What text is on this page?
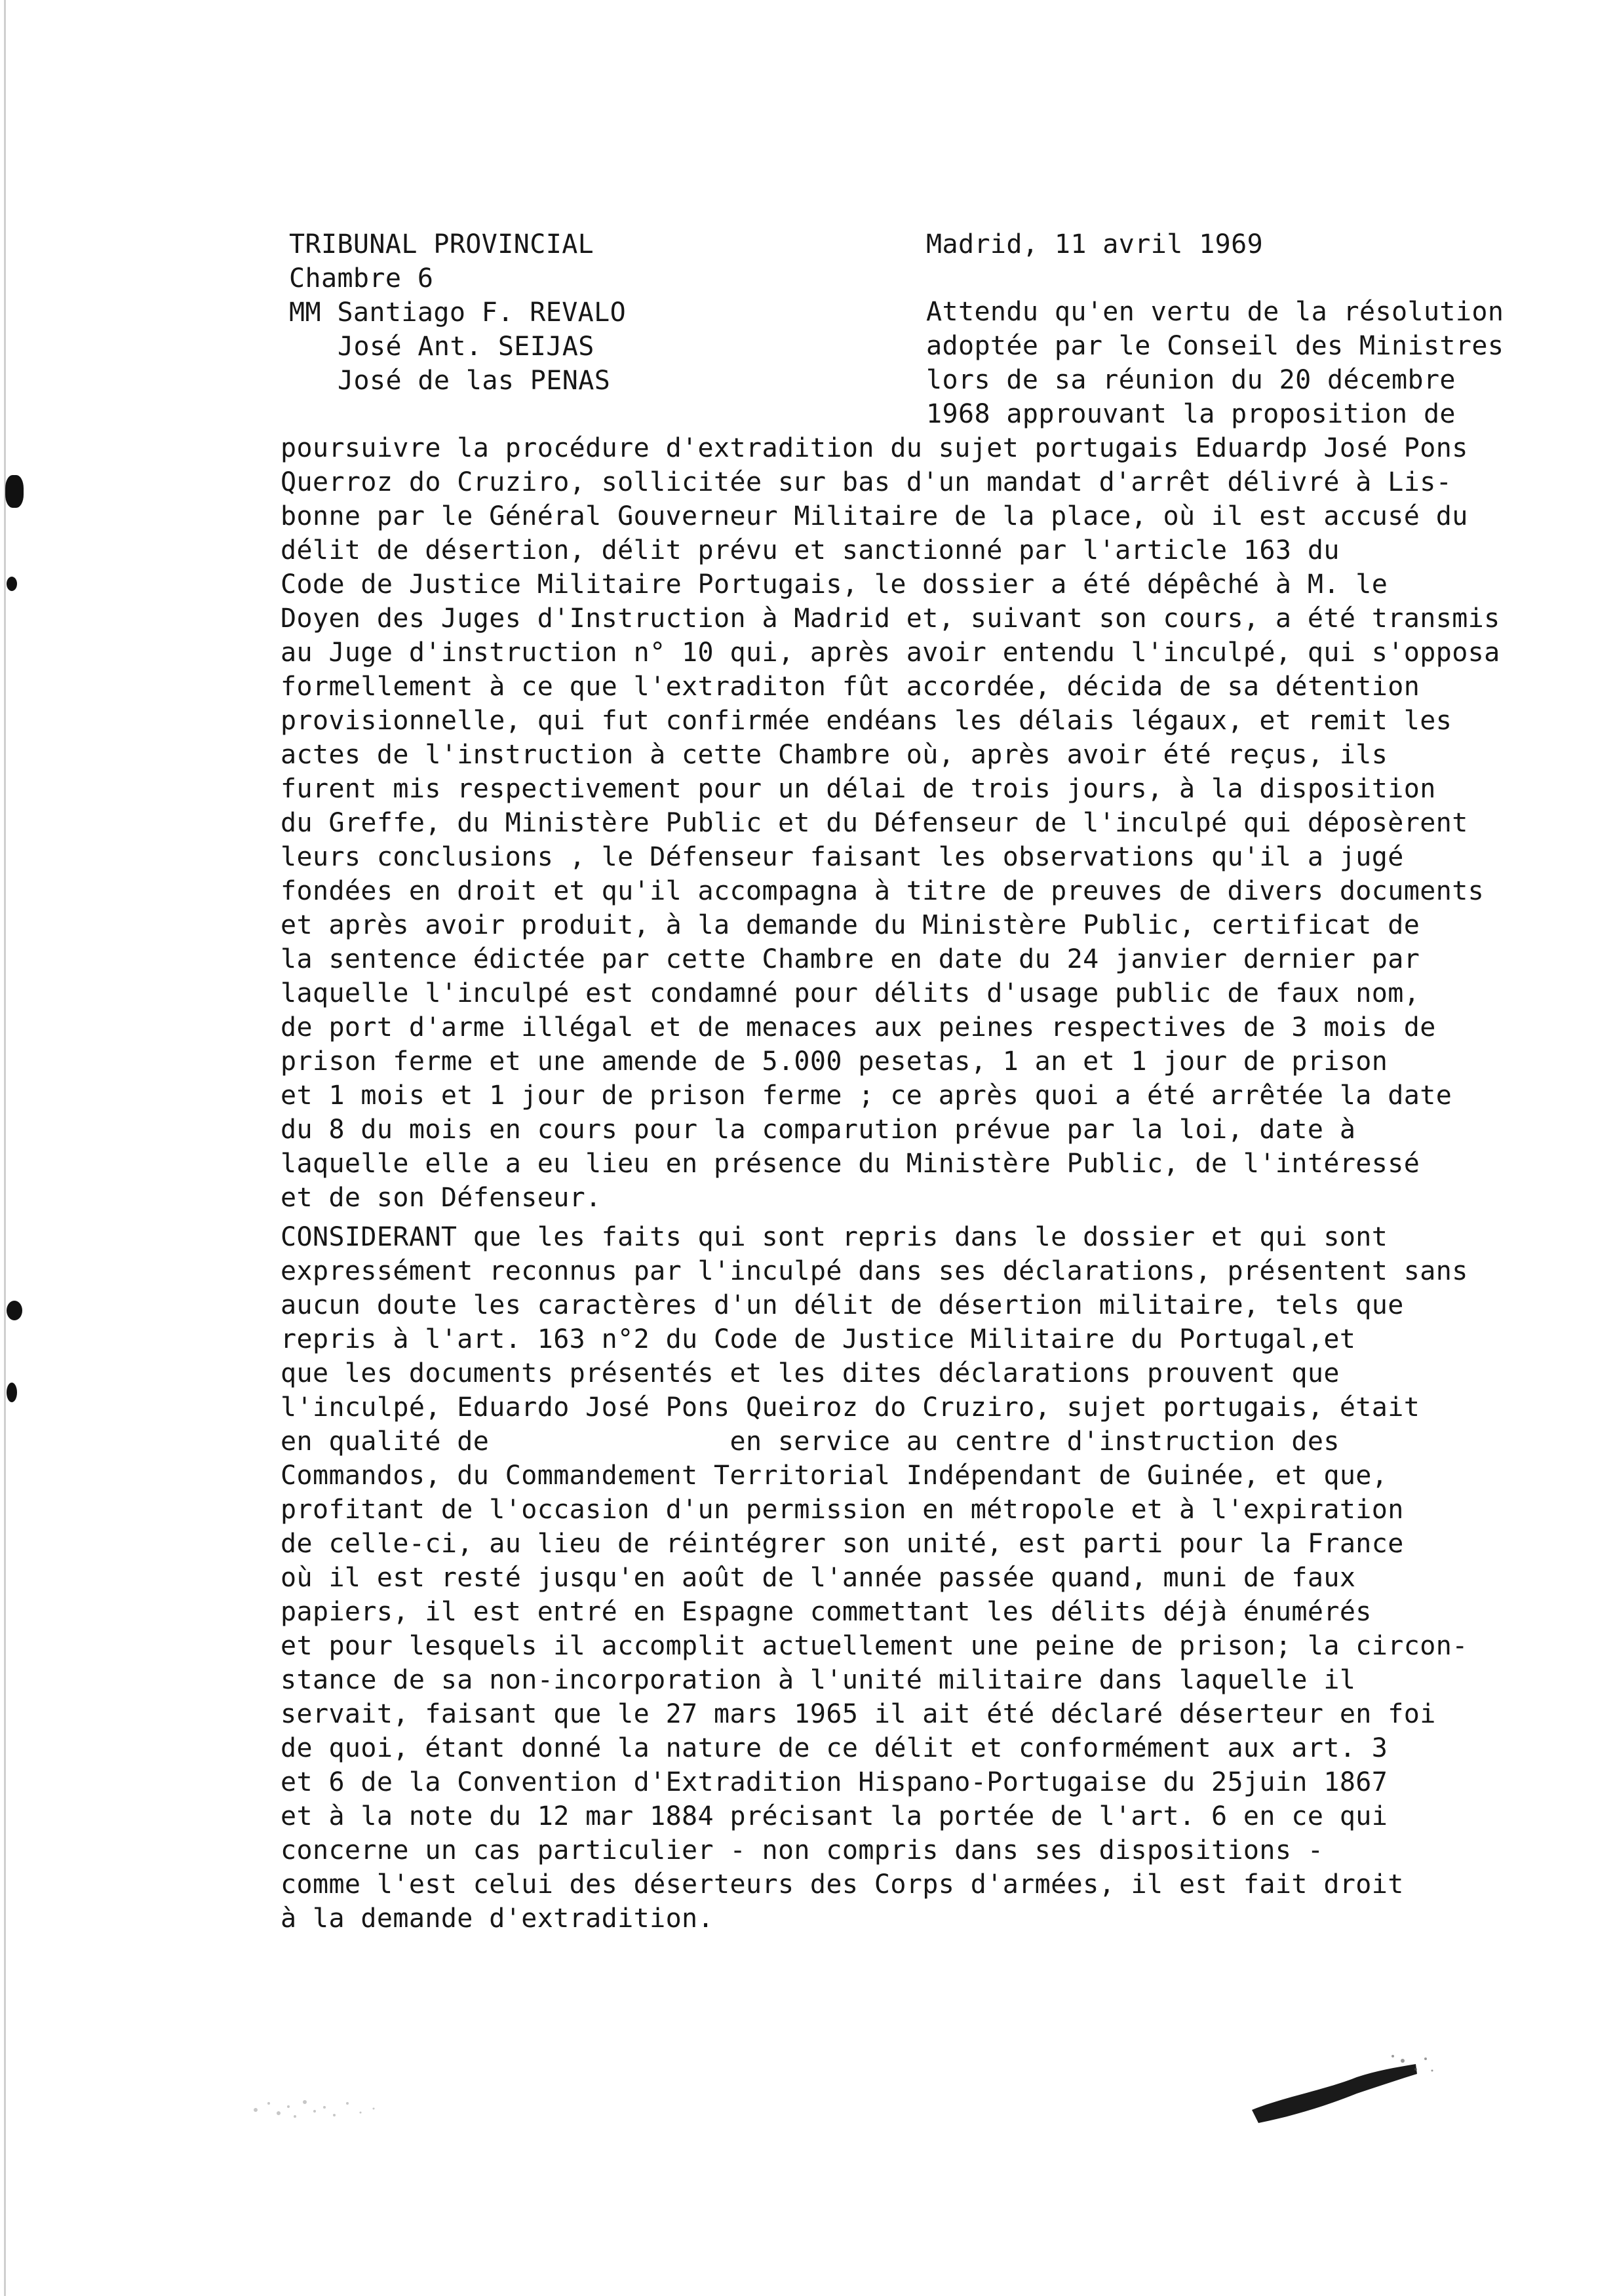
TRIBUNAL PROVINCIAL
Chambre 6
MM Santiago F. REVALO
José Ant. SEIJAS
José de las PENAS
Madrid, 11 avril 1969
Attendu qu'en vertu de la résolution
adoptée par le Conseil des Ministres
lors de sa réunion du 20 décembre
1968 approuvant la proposition de
poursuivre la procédure d'extradition du sujet portugais Eduardp José Pons
Querroz do Cruziro, sollicitée sur bas d'un mandat d'arrêt délivré à Lis-
bonne par le Général Gouverneur Militaire de la place, où il est accusé du
délit de désertion, délit prévu et sanctionné par l'article 163 du
Code de Justice Militaire Portugais, le dossier a été dépêché à M. le
Doyen des Juges d'Instruction à Madrid et, suivant son cours, a été transmis
au Juge d'instruction n° 10 qui, après avoir entendu l'inculpé, qui s'opposa
formellement à ce que l'extraditon fût accordée, décida de sa détention
provisionnelle, qui fut confirmée endéans les délais légaux, et remit les
actes de l'instruction à cette Chambre où, après avoir été reçus, ils
furent mis respectivement pour un délai de trois jours, à la disposition
du Greffe, du Ministère Public et du Défenseur de l'inculpé qui déposèrent
leurs conclusions , le Défenseur faisant les observations qu'il a jugé
fondées en droit et qu'il accompagna à titre de preuves de divers documents
et après avoir produit, à la demande du Ministère Public, certificat de
la sentence édictée par cette Chambre en date du 24 janvier dernier par
laquelle l'inculpé est condamné pour délits d'usage public de faux nom,
de port d'arme illégal et de menaces aux peines respectives de 3 mois de
prison ferme et une amende de 5.000 pesetas, 1 an et 1 jour de prison
et 1 mois et 1 jour de prison ferme ; ce après quoi a été arrêtée la date
du 8 du mois en cours pour la comparution prévue par la loi, date à
laquelle elle a eu lieu en présence du Ministère Public, de l'intéressé
et de son Défenseur.
CONSIDERANT que les faits qui sont repris dans le dossier et qui sont
expressément reconnus par l'inculpé dans ses déclarations, présentent sans
aucun doute les caractères d'un délit de désertion militaire, tels que
repris à l'art. 163 n°2 du Code de Justice Militaire du Portugal,et
que les documents présentés et les dites déclarations prouvent que
l'inculpé, Eduardo José Pons Queiroz do Cruziro, sujet portugais, était
en qualité de               en service au centre d'instruction des
Commandos, du Commandement Territorial Indépendant de Guinée, et que,
profitant de l'occasion d'un permission en métropole et à l'expiration
de celle-ci, au lieu de réintégrer son unité, est parti pour la France
où il est resté jusqu'en août de l'année passée quand, muni de faux
papiers, il est entré en Espagne commettant les délits déjà énumérés
et pour lesquels il accomplit actuellement une peine de prison; la circon-
stance de sa non-incorporation à l'unité militaire dans laquelle il
servait, faisant que le 27 mars 1965 il ait été déclaré déserteur en foi
de quoi, étant donné la nature de ce délit et conformément aux art. 3
et 6 de la Convention d'Extradition Hispano-Portugaise du 25juin 1867
et à la note du 12 mar 1884 précisant la portée de l'art. 6 en ce qui
concerne un cas particulier - non compris dans ses dispositions -
comme l'est celui des déserteurs des Corps d'armées, il est fait droit
à la demande d'extradition.
